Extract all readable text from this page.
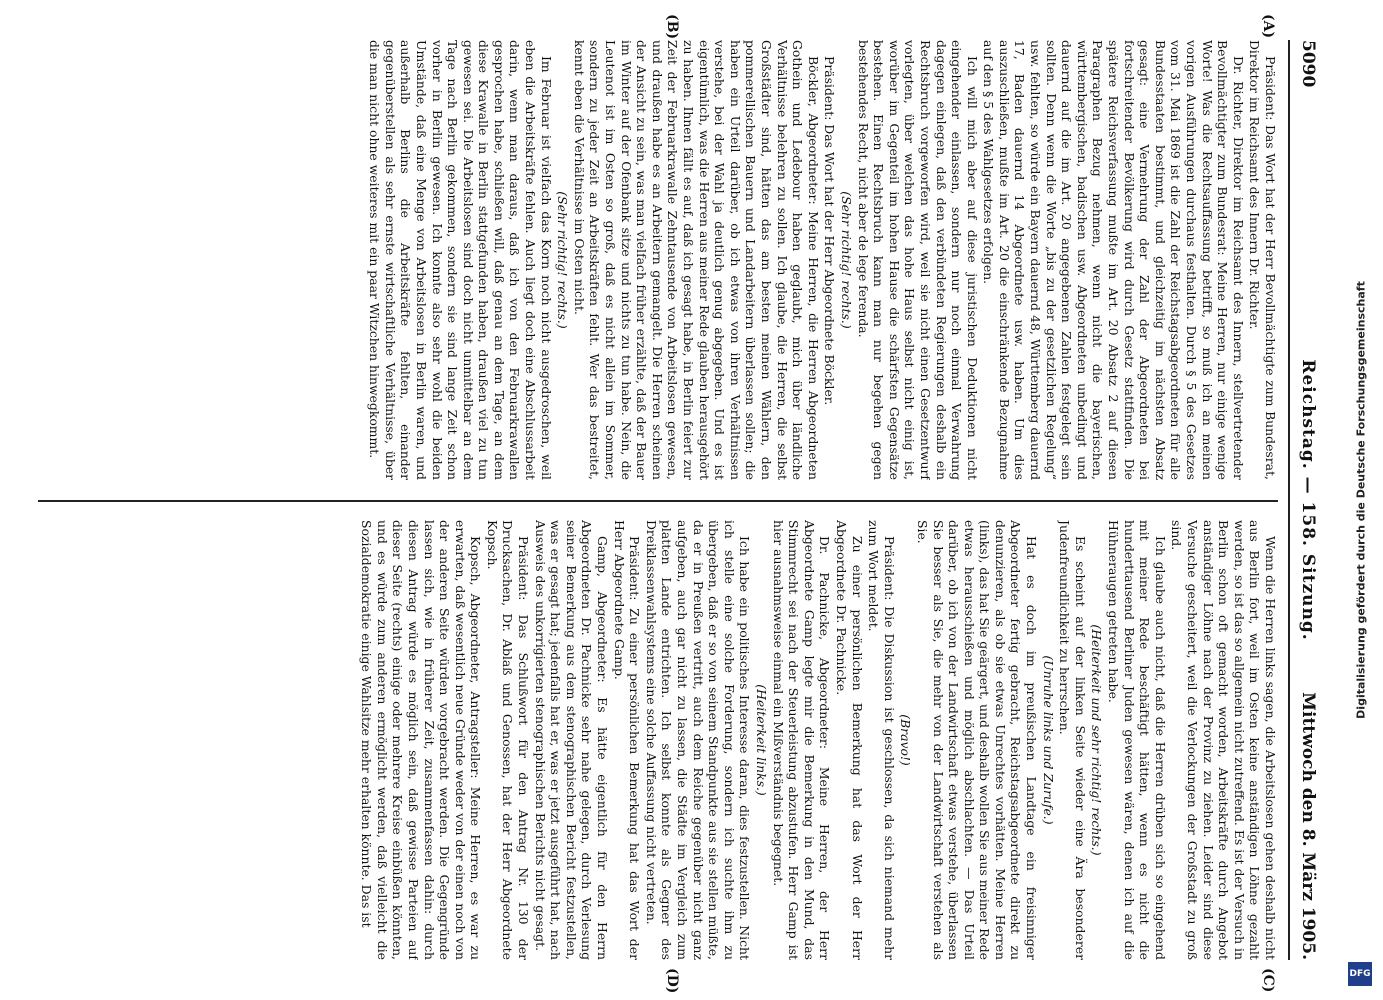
5090
Reichstag. — 158. Sitzung.
Mittwoch den 8. März 1905.
(A)
(B)
(C)
(D)

Präsident: Das Wort hat der Herr Bevollmächtigte zum Bundesrat, Direktor im Reichsamt des Innern Dr. Richter.

Dr. Richter, Direktor im Reichsamt des Innern, stellvertretender Bevollmächtigter zum Bundesrat: Meine Herren, nur einige wenige Worte! Was die Rechtsauffassung betrifft, so muß ich an meinen vorigen Ausführungen durchaus festhalten. Durch § 5 des Gesetzes vom 31. Mai 1869 ist die Zahl der Reichstagsabgeordneten für alle Bundesstaaten bestimmt, und gleichzeitig im nächsten Absatz gesagt: eine Vermehrung der Zahl der Abgeordneten bei fortschreitender Bevölkerung wird durch Gesetz stattfinden. Die spätere Reichsverfassung mußte im Art. 20 Absatz 2 auf diesen Paragraphen Bezug nehmen, wenn nicht die bayerischen, württembergischen, badischen usw. Abgeordneten unbedingt und dauernd auf die im Art. 20 angegebenen Zahlen festgelegt sein sollten. Denn wenn die Worte „bis zu der gesetzlichen Regelung“ usw. fehlten, so würde ein Bayern dauernd 48, Württemberg dauernd 17, Baden dauernd 14 Abgeordnete usw. haben. Um dies auszuschließen, mußte im Art. 20 die einschränkende Bezugnahme auf den § 5 des Wahlgesetzes erfolgen.

Ich will mich aber auf diese juristischen Deduktionen nicht eingehender einlassen, sondern nur noch einmal Verwahrung dagegen einlegen, daß den verbündeten Regierungen deshalb ein Rechtsbruch vorgeworfen wird, weil sie nicht einen Gesetzentwurf vorlegten, über welchen das hohe Haus selbst nicht einig ist, worüber im Gegenteil im hohen Hause die schärfsten Gegensätze bestehen. Einen Rechtsbruch kann man nur begehen gegen bestehendes Recht, nicht aber de lege ferenda.

(Sehr richtig! rechts.)

Präsident: Das Wort hat der Herr Abgeordnete Böckler.

Böckler, Abgeordneter: Meine Herren, die Herren Abgeordneten Gothein und Ledebour haben geglaubt, mich über ländliche Verhältnisse belehren zu sollen. Ich glaube, die Herren, die selbst Großstädter sind, hätten das am besten meinen Wählern, den pommerellischen Bauern und Landarbeitern überlassen sollen; die haben ein Urteil darüber, ob ich etwas von ihren Verhältnissen verstehe, bei der Wahl ja deutlich genug abgegeben. Und es ist eigentümlich, was die Herren aus meiner Rede glauben herausgehört zu haben. Ihnen fällt es auf, daß ich gesagt habe, in Berlin feiert zur Zeit der Februarkrawalle Zehntausende von Arbeitslosen gewesen, und draußen habe es an Arbeitern gemangelt. Die Herren scheinen der Ansicht zu sein, was man vielfach früher erzählte, daß der Bauer im Winter auf der Ofenbank sitze und nichts zu tun habe. Nein, die Leutenot ist im Osten so groß, daß es nicht allein im Sommer, sondern zu jeder Zeit an Arbeitskräften fehlt. Wer das bestreitet, kennt eben die Verhältnisse im Osten nicht.

(Sehr richtig! rechts.)

Im Februar ist vielfach das Korn noch nicht ausgedroschen, weil eben die Arbeitskräfte fehlen. Auch liegt doch eine Abschlussarbeit darin, wenn man daraus, daß ich von den Februarkrawallen gesprochen habe, schließen will, daß genau an dem Tage, an dem diese Krawalle in Berlin stattgefunden haben, draußen viel zu tun gewesen sei. Die Arbeitslosen sind doch nicht unmittelbar an dem Tage nach Berlin gekommen, sondern sie sind lange Zeit schon vorher in Berlin gewesen. Ich konnte also sehr wohl die beiden Umstände, daß eine Menge von Arbeitslosen in Berlin waren, und außerhalb Berlins die Arbeitskräfte fehlten, einander gegenüberstellen als sehr ernste wirtschaftliche Verhältnisse, über die man nicht ohne weiteres mit ein paar Witzchen hinwegkommt.

Wenn die Herren links sagen, die Arbeitslosen gehen deshalb nicht aus Berlin fort, weil im Osten keine anständigen Löhne gezahlt werden, so ist das so allgemein nicht zutreffend. Es ist der Versuch in Berlin schon oft gemacht worden, Arbeitskräfte durch Angebot anständiger Löhne nach der Provinz zu ziehen. Leider sind diese Versuche gescheitert, weil die Verlockungen der Großstadt zu groß sind.

Ich glaube auch nicht, daß die Herren drüben sich so eingehend mit meiner Rede beschäftigt hätten, wenn es nicht die hunderttausend Berliner Juden gewesen wären, denen ich auf die Hühneraugen getreten habe.

(Heiterkeit und sehr richtig! rechts.)

Es scheint auf der linken Seite wieder eine Ära besonderer Judenfreundlichkeit zu herrschen.

(Unruhe links und Zurufe.)

Hat es doch im preußischen Landtage ein freisinniger Abgeordneter fertig gebracht, Reichstagsabgeordnete direkt zu denunzieren, als ob sie etwas Unrechtes vorhätten. Meine Herren (links), das hat Sie geärgert, und deshalb wollen Sie aus meiner Rede etwas herausschießen und möglich abschlachten. — Das Urteil darüber, ob ich von der Landwirtschaft etwas verstehe, überlassen Sie besser als Sie, die mehr von der Landwirtschaft verstehen als Sie.

(Bravo!)

Präsident: Die Diskussion ist geschlossen, da sich niemand mehr zum Wort meldet.

Zu einer persönlichen Bemerkung hat das Wort der Herr Abgeordnete Dr. Pachnicke.

Dr. Pachnicke, Abgeordneter: Meine Herren, der Herr Abgeordnete Gamp legte mir die Bemerkung in den Mund, das Stimmrecht sei nach der Steuerleistung abzustufen. Herr Gamp ist hier ausnahmsweise einmal ein Mißverständnis begegnet.

(Heiterkeit links.)

Ich habe ein politisches Interesse daran, dies festzustellen. Nicht ich stelle eine solche Forderung, sondern ich suchte ihm zu übergeben, daß er so von seinem Standpunkte aus sie stellen müßte, da er in Preußen vertritt, auch dem Reiche gegenüber nicht ganz aufgeben, auch gar nicht zu lassen, die Städte im Vergleich zum platten Lande entrichten. Ich selbst konnte als Gegner des Dreiklassenwahlsystems eine solche Auffassung nicht vertreten.

Präsident: Zu einer persönlichen Bemerkung hat das Wort der Herr Abgeordnete Gamp.

Gamp, Abgeordneter: Es hätte eigentlich für den Herrn Abgeordneten Dr. Pachnicke sehr nahe gelegen, durch Verlesung seiner Bemerkung aus dem stenographischen Bericht festzustellen, was er gesagt hat; jedenfalls hat er, was er jetzt ausgeführt hat, nach Ausweis des unkorrigierten stenographischen Berichts nicht gesagt.

Präsident: Das Schlußwort für den Antrag Nr. 130 der Drucksachen, Dr. Ablaß und Genossen, hat der Herr Abgeordnete Kopsch.

Kopsch, Abgeordneter, Antragsteller: Meine Herren, es war zu erwarten, daß wesentlich neue Gründe weder von der einen noch von der anderen Seite würden vorgebracht werden. Die Gegengründe lassen sich, wie in früherer Zeit, zusammenfassen dahin: durch diesen Antrag würde es möglich sein, daß gewisse Parteien auf dieser Seite (rechts) einige oder mehrere Kreise einbüßen könnten, und es würde zum anderen ermöglicht werden, daß vielleicht die Sozialdemokratie einige Wahlsitze mehr erhalten könnte. Das ist

Digitalisierung gefördert durch die Deutsche Forschungsgemeinschaft
DFG
